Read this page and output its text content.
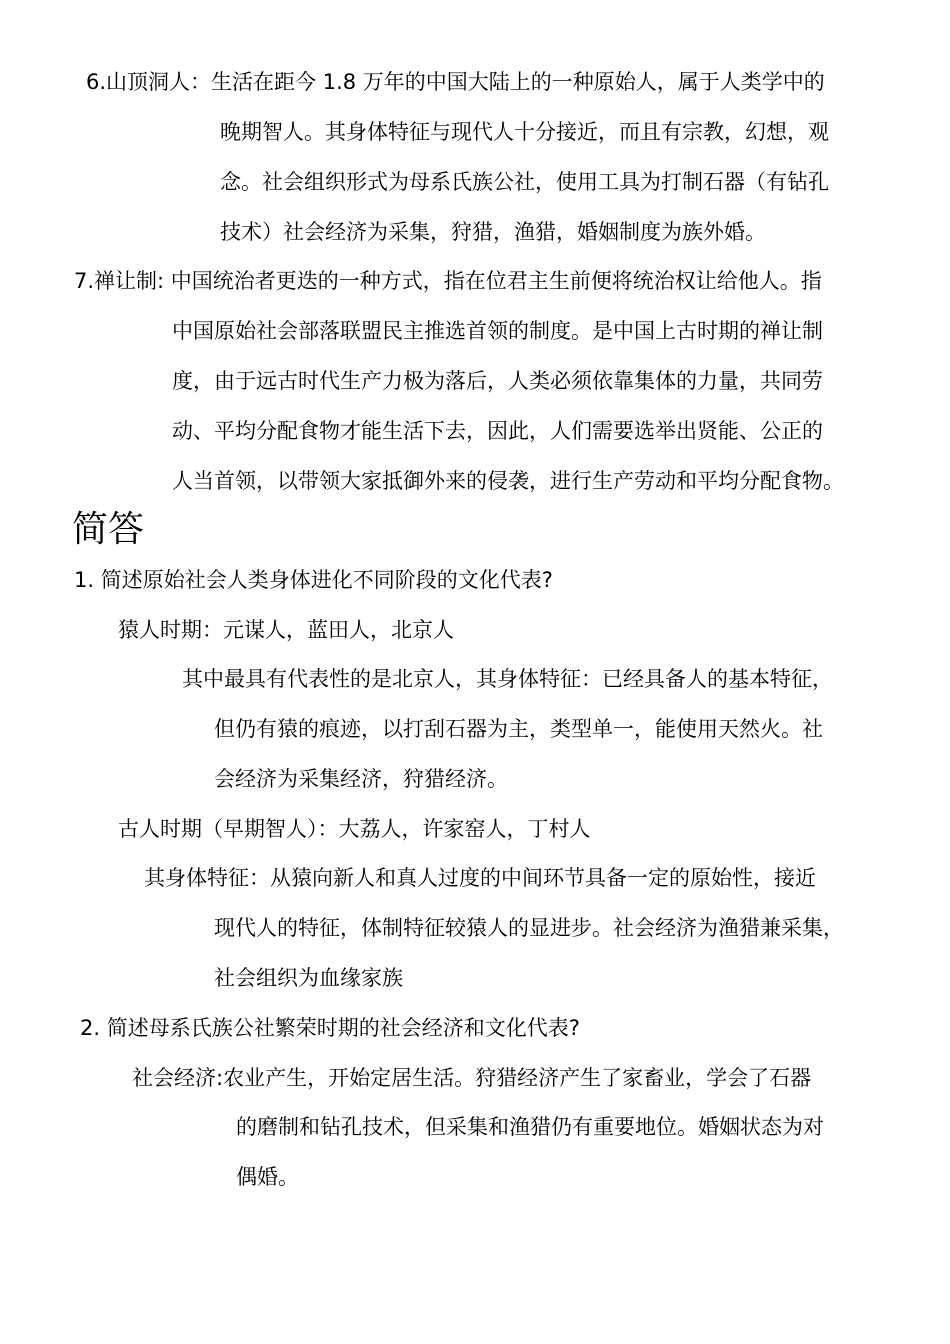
6.山顶洞人：生活在距今 1.8 万年的中国大陆上的一种原始人，属于人类学中的
晚期智人。其身体特征与现代人十分接近，而且有宗教，幻想，观
念。社会组织形式为母系氏族公社，使用工具为打制石器（有钻孔
技术）社会经济为采集，狩猎，渔猎，婚姻制度为族外婚。
7.禅让制: 中国统治者更迭的一种方式，指在位君主生前便将统治权让给他人。指
中国原始社会部落联盟民主推选首领的制度。是中国上古时期的禅让制
度，由于远古时代生产力极为落后，人类必须依靠集体的力量，共同劳
动、平均分配食物才能生活下去，因此，人们需要选举出贤能、公正的
人当首领，以带领大家抵御外来的侵袭，进行生产劳动和平均分配食物。
简答
1. 简述原始社会人类身体进化不同阶段的文化代表?
猿人时期：元谋人，蓝田人，北京人
其中最具有代表性的是北京人，其身体特征：已经具备人的基本特征，
但仍有猿的痕迹，以打刮石器为主，类型单一，能使用天然火。社
会经济为采集经济，狩猎经济。
古人时期（早期智人）：大荔人，许家窑人，丁村人
其身体特征：从猿向新人和真人过度的中间环节具备一定的原始性，接近
现代人的特征，体制特征较猿人的显进步。社会经济为渔猎兼采集，
社会组织为血缘家族
2. 简述母系氏族公社繁荣时期的社会经济和文化代表?
社会经济:农业产生，开始定居生活。狩猎经济产生了家畜业，学会了石器
的磨制和钻孔技术，但采集和渔猎仍有重要地位。婚姻状态为对
偶婚。
